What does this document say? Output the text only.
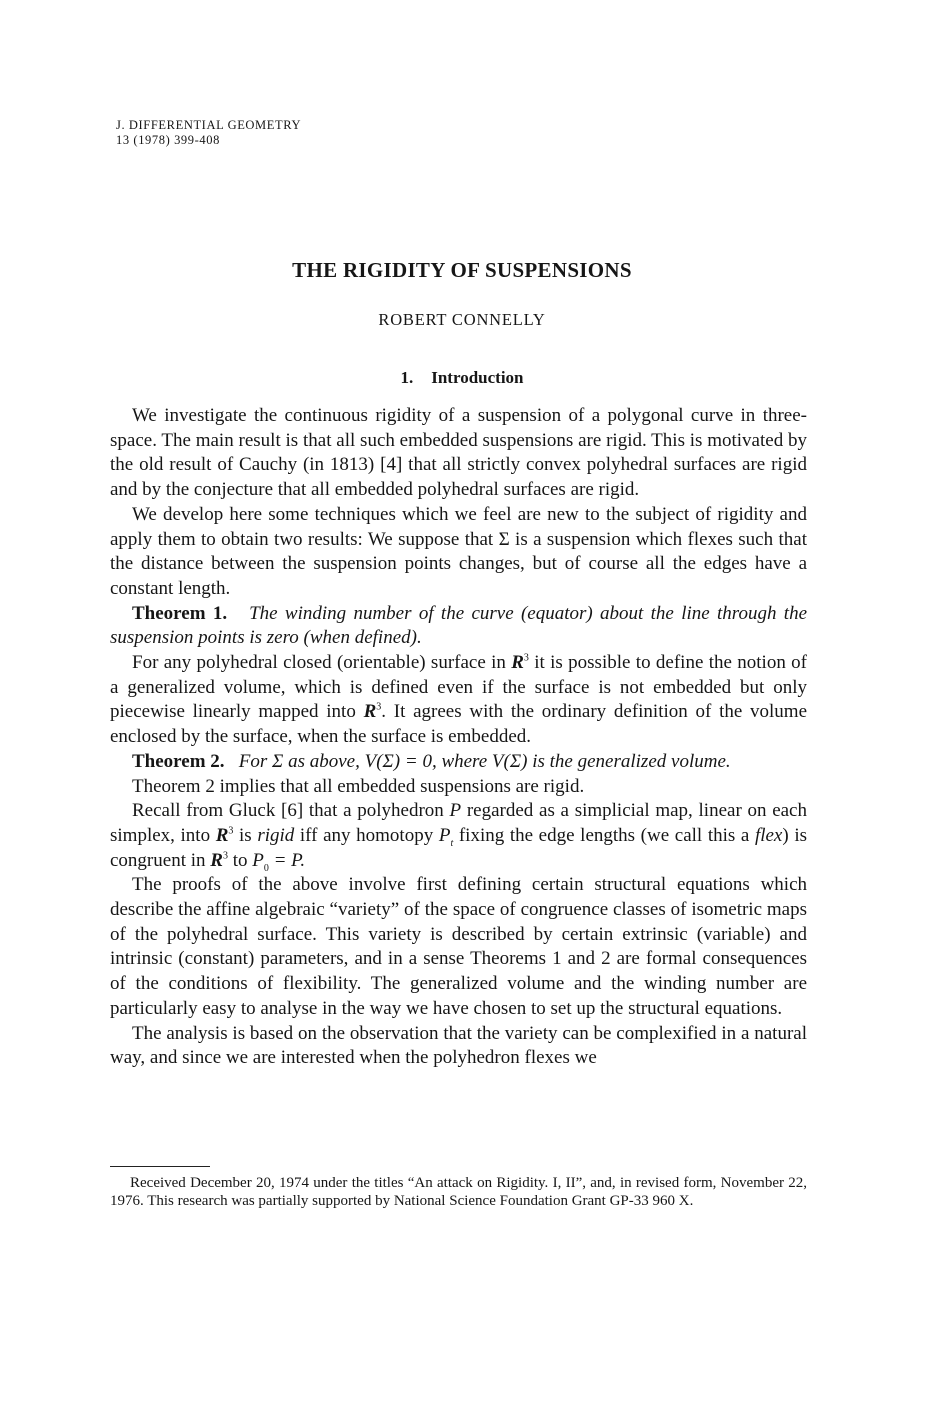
J. DIFFERENTIAL GEOMETRY
13 (1978) 399-408
THE RIGIDITY OF SUSPENSIONS
ROBERT CONNELLY
1. Introduction

We investigate the continuous rigidity of a suspension of a polygonal curve in three-space. The main result is that all such embedded suspensions are rigid. This is motivated by the old result of Cauchy (in 1813) [4] that all strictly convex polyhedral surfaces are rigid and by the conjecture that all embedded polyhedral surfaces are rigid.

We develop here some techniques which we feel are new to the subject of rigidity and apply them to obtain two results: We suppose that Σ is a suspension which flexes such that the distance between the suspension points changes, but of course all the edges have a constant length.

Theorem 1. The winding number of the curve (equator) about the line through the suspension points is zero (when defined).

For any polyhedral closed (orientable) surface in $R^3$ it is possible to define the notion of a generalized volume, which is defined even if the surface is not embedded but only piecewise linearly mapped into $R^3$. It agrees with the ordinary definition of the volume enclosed by the surface, when the surface is embedded.

Theorem 2. For Σ as above, V(Σ) = 0, where V(Σ) is the generalized volume.

Theorem 2 implies that all embedded suspensions are rigid.

Recall from Gluck [6] that a polyhedron P regarded as a simplicial map, linear on each simplex, into $R^3$ is rigid iff any homotopy $P_t$ fixing the edge lengths (we call this a flex) is congruent in $R^3$ to $P_0 = P$.

The proofs of the above involve first defining certain structural equations which describe the affine algebraic “variety” of the space of congruence classes of isometric maps of the polyhedral surface. This variety is described by certain extrinsic (variable) and intrinsic (constant) parameters, and in a sense Theorems 1 and 2 are formal consequences of the conditions of flexibility. The generalized volume and the winding number are particularly easy to analyse in the way we have chosen to set up the structural equations.

The analysis is based on the observation that the variety can be complexified in a natural way, and since we are interested when the polyhedron flexes we

Received December 20, 1974 under the titles “An attack on Rigidity. I, II”, and, in revised form, November 22, 1976. This research was partially supported by National Science Foundation Grant GP-33 960 X.
